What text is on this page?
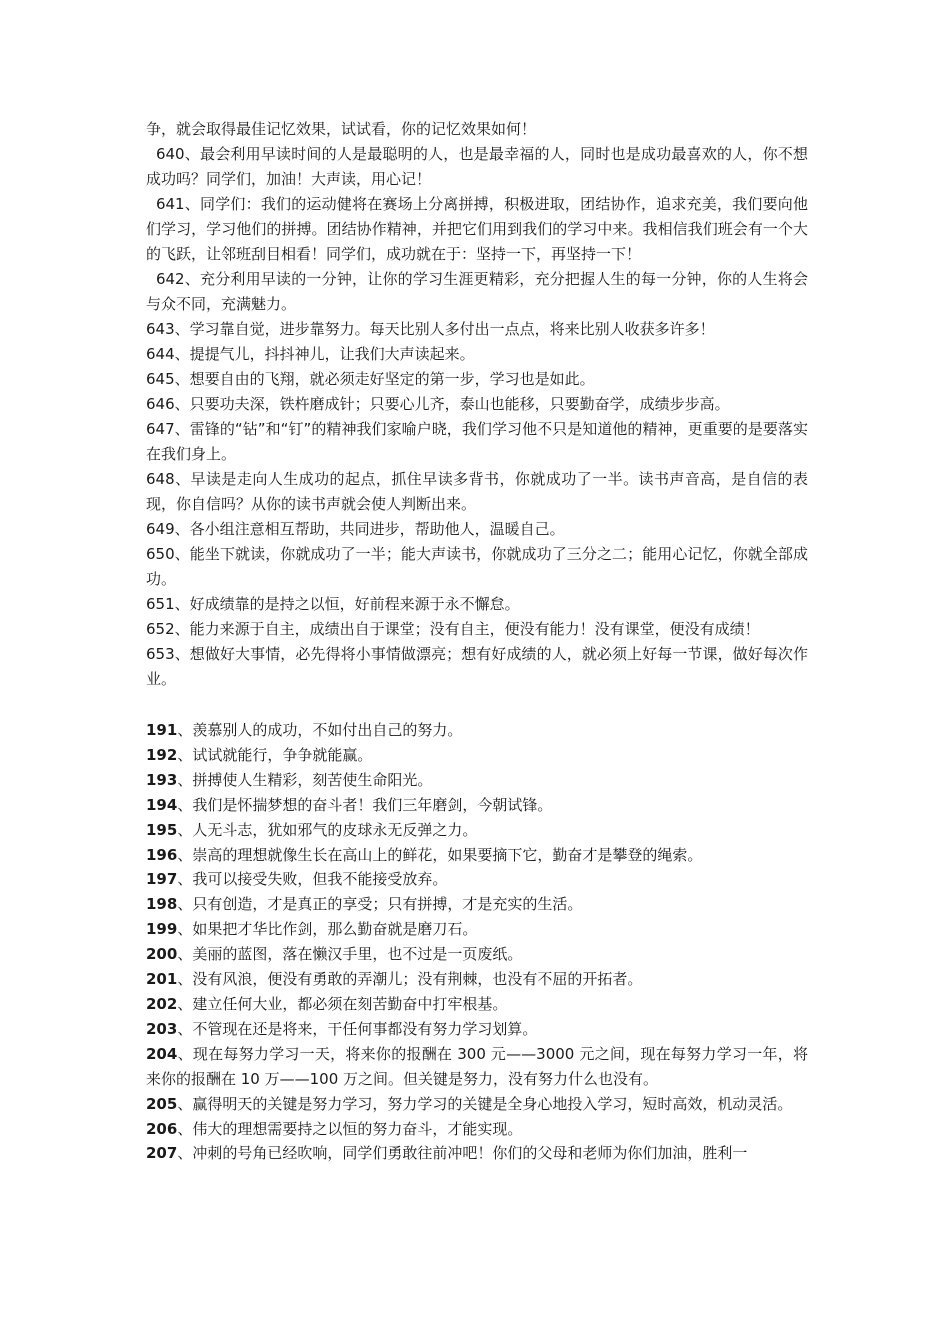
争，就会取得最佳记忆效果，试试看，你的记忆效果如何！

640、最会利用早读时间的人是最聪明的人，也是最幸福的人，同时也是成功最喜欢的人，你不想成功吗？同学们，加油！大声读，用心记！

641、同学们：我们的运动健将在赛场上分离拼搏，积极进取，团结协作，追求充美，我们要向他们学习，学习他们的拼搏。团结协作精神，并把它们用到我们的学习中来。我相信我们班会有一个大的飞跃，让邻班刮目相看！同学们，成功就在于：坚持一下，再坚持一下！

642、充分利用早读的一分钟，让你的学习生涯更精彩，充分把握人生的每一分钟，你的人生将会与众不同，充满魅力。

643、学习靠自觉，进步靠努力。每天比别人多付出一点点，将来比别人收获多许多！

644、提提气儿，抖抖神儿，让我们大声读起来。

645、想要自由的飞翔，就必须走好坚定的第一步，学习也是如此。

646、只要功夫深，铁杵磨成针；只要心儿齐，泰山也能移，只要勤奋学，成绩步步高。

647、雷锋的“钻”和“钉”的精神我们家喻户晓，我们学习他不只是知道他的精神，更重要的是要落实在我们身上。

648、早读是走向人生成功的起点，抓住早读多背书，你就成功了一半。读书声音高，是自信的表现，你自信吗？从你的读书声就会使人判断出来。

649、各小组注意相互帮助，共同进步，帮助他人，温暖自己。

650、能坐下就读，你就成功了一半；能大声读书，你就成功了三分之二；能用心记忆，你就全部成功。

651、好成绩靠的是持之以恒，好前程来源于永不懈怠。

652、能力来源于自主，成绩出自于课堂；没有自主，便没有能力！没有课堂，便没有成绩！

653、想做好大事情，必先得将小事情做漂亮；想有好成绩的人，就必须上好每一节课，做好每次作业。

191、羡慕别人的成功，不如付出自己的努力。

192、试试就能行，争争就能赢。

193、拼搏使人生精彩，刻苦使生命阳光。

194、我们是怀揣梦想的奋斗者！我们三年磨剑，今朝试锋。

195、人无斗志，犹如邪气的皮球永无反弹之力。

196、崇高的理想就像生长在高山上的鲜花，如果要摘下它，勤奋才是攀登的绳索。

197、我可以接受失败，但我不能接受放弃。

198、只有创造，才是真正的享受；只有拼搏，才是充实的生活。

199、如果把才华比作剑，那么勤奋就是磨刀石。

200、美丽的蓝图，落在懒汉手里，也不过是一页废纸。

201、没有风浪，便没有勇敢的弄潮儿；没有荆棘，也没有不屈的开拓者。

202、建立任何大业，都必须在刻苦勤奋中打牢根基。

203、不管现在还是将来，干任何事都没有努力学习划算。

204、现在每努力学习一天，将来你的报酬在 300 元——3000 元之间，现在每努力学习一年，将来你的报酬在 10 万——100 万之间。但关键是努力，没有努力什么也没有。

205、赢得明天的关键是努力学习，努力学习的关键是全身心地投入学习，短时高效，机动灵活。

206、伟大的理想需要持之以恒的努力奋斗，才能实现。

207、冲刺的号角已经吹响，同学们勇敢往前冲吧！你们的父母和老师为你们加油，胜利一
